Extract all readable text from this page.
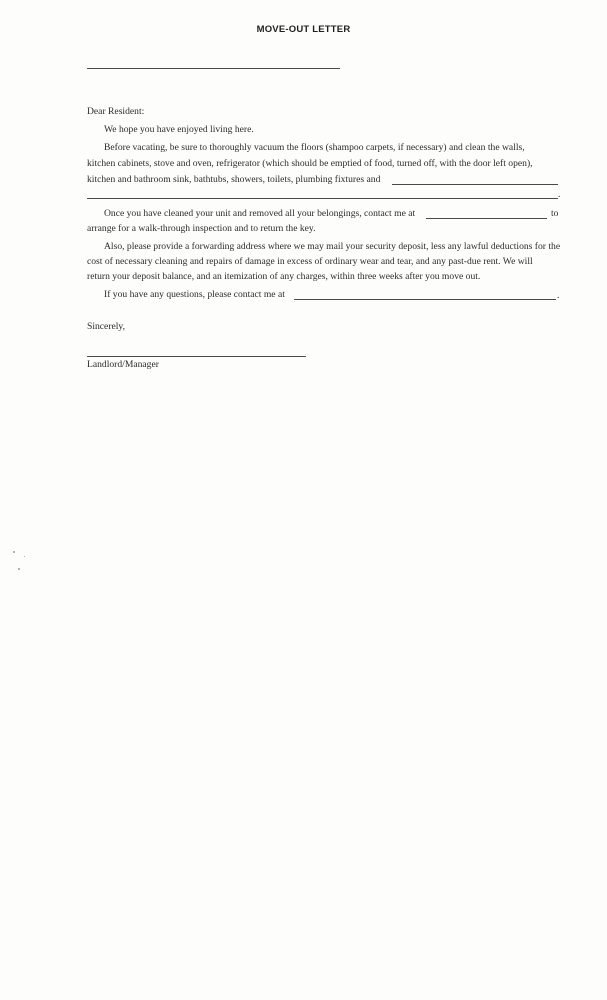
MOVE-OUT LETTER
Dear Resident:
We hope you have enjoyed living here.
Before vacating, be sure to thoroughly vacuum the floors (shampoo carpets, if necessary) and clean the walls,
kitchen cabinets, stove and oven, refrigerator (which should be emptied of food, turned off, with the door left open),
kitchen and bathroom sink, bathtubs, showers, toilets, plumbing fixtures and
.
Once you have cleaned your unit and removed all your belongings, contact me at	to
arrange for a walk-through inspection and to return the key.
Also, please provide a forwarding address where we may mail your security deposit, less any lawful deductions for the
cost of necessary cleaning and repairs of damage in excess of ordinary wear and tear, and any past-due rent. We will
return your deposit balance, and an itemization of any charges, within three weeks after you move out.
If you have any questions, please contact me at	.
Sincerely,
Landlord/Manager
